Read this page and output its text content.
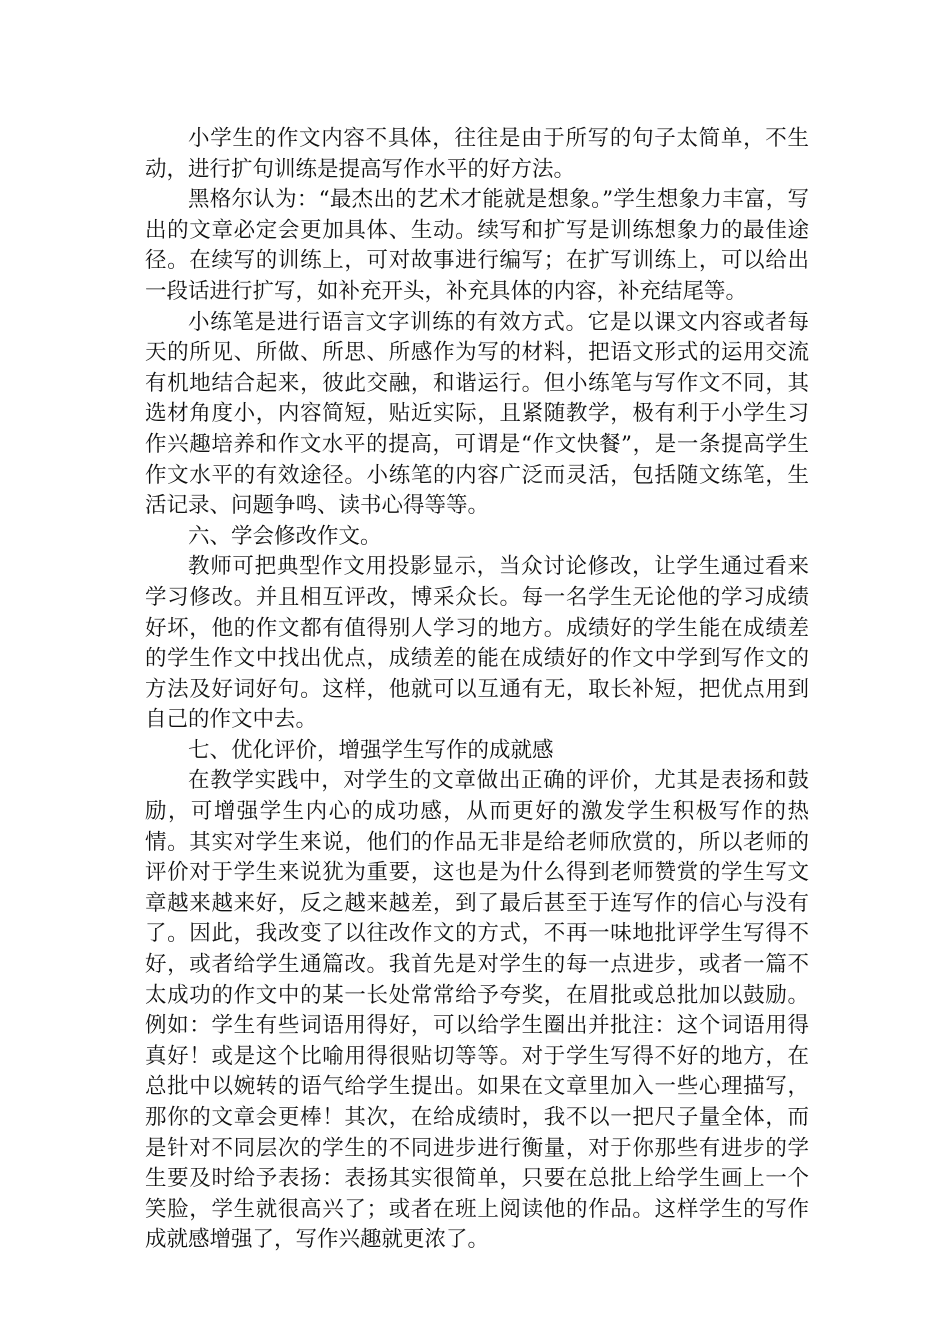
小学生的作文内容不具体，往往是由于所写的句子太简单，不生动，进行扩句训练是提高写作水平的好方法。

黑格尔认为：“最杰出的艺术才能就是想象。”学生想象力丰富，写出的文章必定会更加具体、生动。续写和扩写是训练想象力的最佳途径。在续写的训练上，可对故事进行编写；在扩写训练上，可以给出一段话进行扩写，如补充开头，补充具体的内容，补充结尾等。

小练笔是进行语言文字训练的有效方式。它是以课文内容或者每天的所见、所做、所思、所感作为写的材料，把语文形式的运用交流有机地结合起来，彼此交融，和谐运行。但小练笔与写作文不同，其选材角度小，内容简短，贴近实际，且紧随教学，极有利于小学生习作兴趣培养和作文水平的提高，可谓是“作文快餐”，是一条提高学生作文水平的有效途径。小练笔的内容广泛而灵活，包括随文练笔，生活记录、问题争鸣、读书心得等等。

六、学会修改作文。

教师可把典型作文用投影显示，当众讨论修改，让学生通过看来学习修改。并且相互评改，博采众长。每一名学生无论他的学习成绩好坏，他的作文都有值得别人学习的地方。成绩好的学生能在成绩差的学生作文中找出优点，成绩差的能在成绩好的作文中学到写作文的方法及好词好句。这样，他就可以互通有无，取长补短，把优点用到自己的作文中去。

七、优化评价，增强学生写作的成就感

在教学实践中，对学生的文章做出正确的评价，尤其是表扬和鼓励，可增强学生内心的成功感，从而更好的激发学生积极写作的热情。其实对学生来说，他们的作品无非是给老师欣赏的，所以老师的评价对于学生来说犹为重要，这也是为什么得到老师赞赏的学生写文章越来越来好，反之越来越差，到了最后甚至于连写作的信心与没有了。因此，我改变了以往改作文的方式，不再一味地批评学生写得不好，或者给学生通篇改。我首先是对学生的每一点进步，或者一篇不太成功的作文中的某一长处常常给予夸奖，在眉批或总批加以鼓励。例如：学生有些词语用得好，可以给学生圈出并批注：这个词语用得真好！或是这个比喻用得很贴切等等。对于学生写得不好的地方，在总批中以婉转的语气给学生提出。如果在文章里加入一些心理描写，那你的文章会更棒！其次，在给成绩时，我不以一把尺子量全体，而是针对不同层次的学生的不同进步进行衡量，对于你那些有进步的学生要及时给予表扬：表扬其实很简单，只要在总批上给学生画上一个笑脸，学生就很高兴了；或者在班上阅读他的作品。这样学生的写作成就感增强了，写作兴趣就更浓了。
